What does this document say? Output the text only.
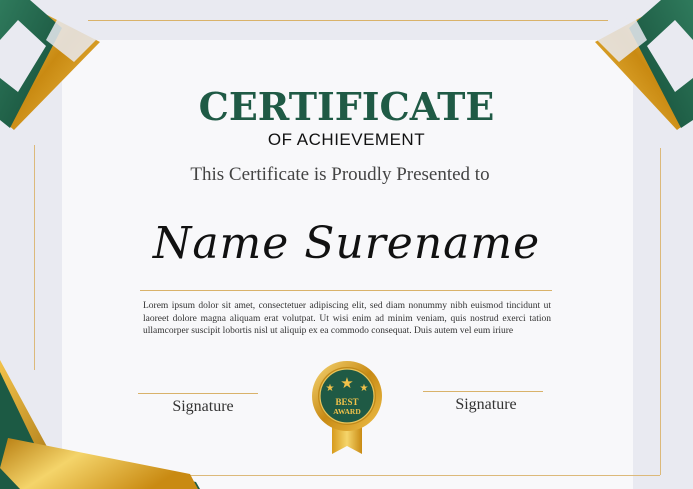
CERTIFICATE
OF ACHIEVEMENT
This Certificate is Proudly Presented to
Name Surename
Lorem ipsum dolor sit amet, consectetuer adipiscing elit, sed diam nonummy nibh euismod tincidunt ut laoreet dolore magna aliquam erat volutpat. Ut wisi enim ad minim veniam, quis nostrud exerci tation ullamcorper suscipit lobortis nisl ut aliquip ex ea commodo consequat. Duis autem vel eum iriure
Signature	Signature
★ ★ ★
BEST
AWARD
